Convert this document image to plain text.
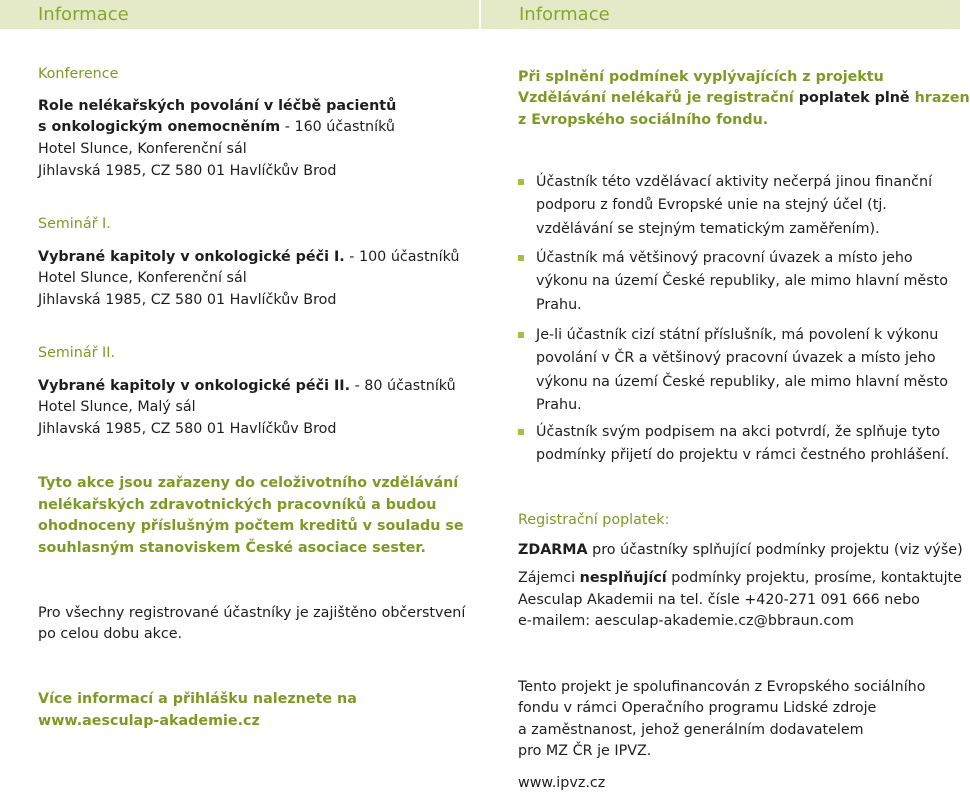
Informace	Informace
Konference
Role nelékařských povolání v léčbě pacientů
s onkologickým onemocněním - 160 účastníků
Hotel Slunce, Konferenční sál
Jihlavská 1985, CZ 580 01 Havlíčkův Brod
Seminář I.
Vybrané kapitoly v onkologické péči I. - 100 účastníků
Hotel Slunce, Konferenční sál
Jihlavská 1985, CZ 580 01 Havlíčkův Brod
Seminář II.
Vybrané kapitoly v onkologické péči II. - 80 účastníků
Hotel Slunce, Malý sál
Jihlavská 1985, CZ 580 01 Havlíčkův Brod
Tyto akce jsou zařazeny do celoživotního vzdělávání
nelékařských zdravotnických pracovníků a budou
ohodnoceny příslušným počtem kreditů v souladu se
souhlasným stanoviskem České asociace sester.
Pro všechny registrované účastníky je zajištěno občerstvení
po celou dobu akce.
Více informací a přihlášku naleznete na
www.aesculap-akademie.cz
Při splnění podmínek vyplývajících z projektu
Vzdělávání nelékařů je registrační poplatek plně hrazen
z Evropského sociálního fondu.
Účastník této vzdělávací aktivity nečerpá jinou finanční
podporu z fondů Evropské unie na stejný účel (tj.
vzdělávání se stejným tematickým zaměřením).
Účastník má většinový pracovní úvazek a místo jeho
výkonu na území České republiky, ale mimo hlavní město
Prahu.
Je-li účastník cizí státní příslušník, má povolení k výkonu
povolání v ČR a většinový pracovní úvazek a místo jeho
výkonu na území České republiky, ale mimo hlavní město
Prahu.
Účastník svým podpisem na akci potvrdí, že splňuje tyto
podmínky přijetí do projektu v rámci čestného prohlášení.
Registrační poplatek:
ZDARMA pro účastníky splňující podmínky projektu (viz výše)
Zájemci nesplňující podmínky projektu, prosíme, kontaktujte
Aesculap Akademii na tel. čísle +420-271 091 666 nebo
e-mailem: aesculap-akademie.cz@bbraun.com
Tento projekt je spolufinancován z Evropského sociálního
fondu v rámci Operačního programu Lidské zdroje
a zaměstnanost, jehož generálním dodavatelem
pro MZ ČR je IPVZ.
www.ipvz.cz
